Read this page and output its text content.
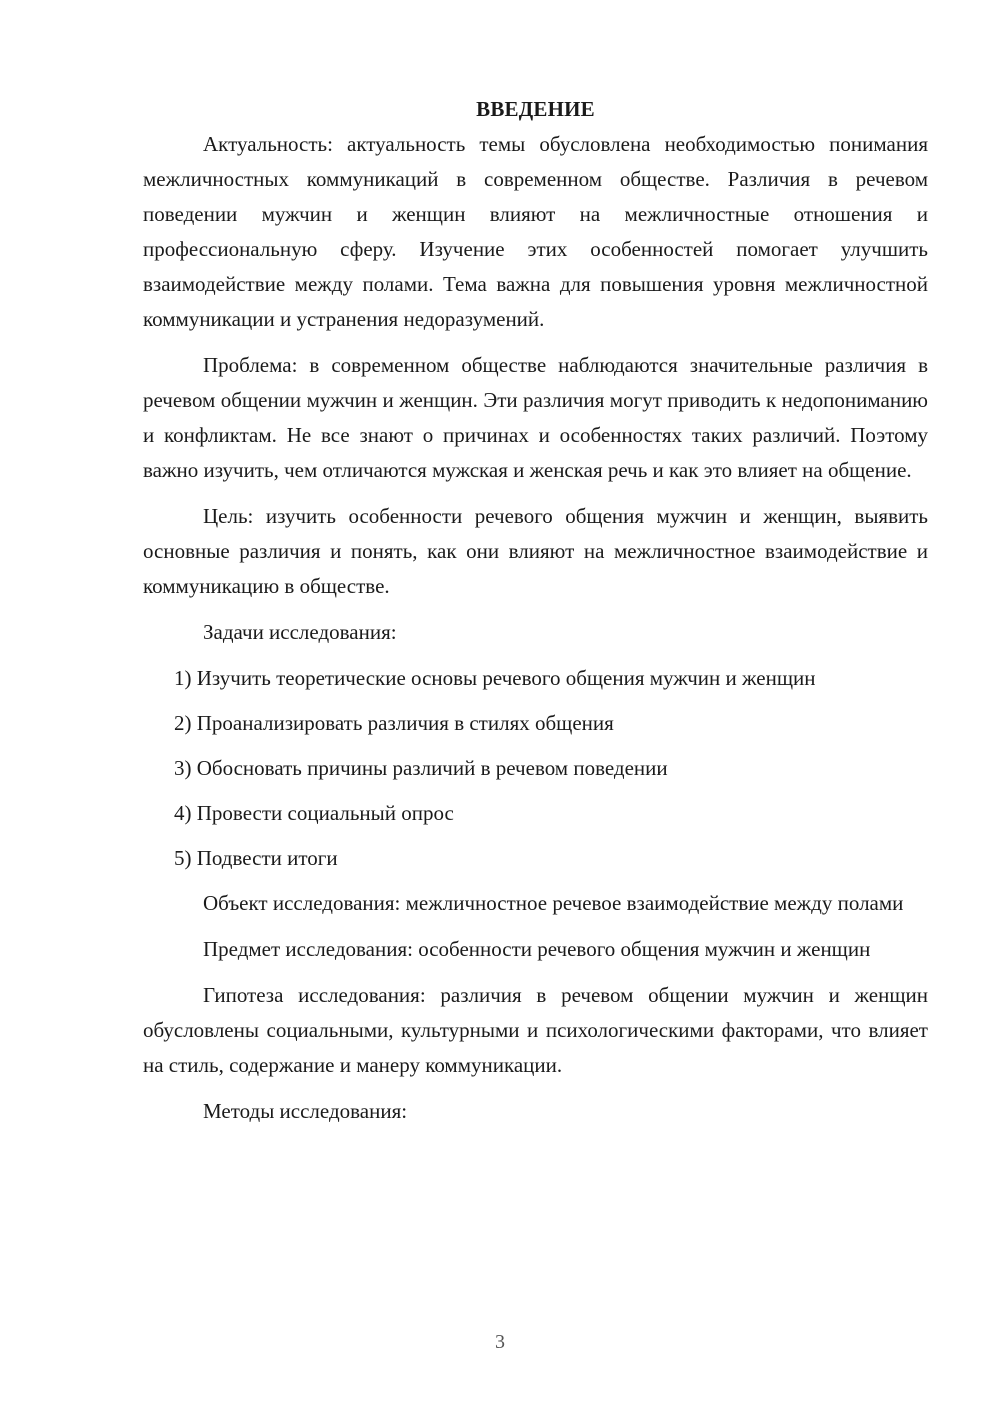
ВВЕДЕНИЕ

Актуальность: актуальность темы обусловлена необходимостью понимания межличностных коммуникаций в современном обществе. Различия в речевом поведении мужчин и женщин влияют на межличностные отношения и профессиональную сферу. Изучение этих особенностей помогает улучшить взаимодействие между полами. Тема важна для повышения уровня межличностной коммуникации и устранения недоразумений.

Проблема: в современном обществе наблюдаются значительные различия в речевом общении мужчин и женщин. Эти различия могут приводить к недопониманию и конфликтам. Не все знают о причинах и особенностях таких различий. Поэтому важно изучить, чем отличаются мужская и женская речь и как это влияет на общение.

Цель: изучить особенности речевого общения мужчин и женщин, выявить основные различия и понять, как они влияют на межличностное взаимодействие и коммуникацию в обществе.

Задачи исследования:

1) Изучить теоретические основы речевого общения мужчин и женщин
2) Проанализировать различия в стилях общения
3) Обосновать причины различий в речевом поведении
4) Провести социальный опрос
5) Подвести итоги

Объект исследования: межличностное речевое взаимодействие между полами

Предмет исследования: особенности речевого общения мужчин и женщин

Гипотеза исследования: различия в речевом общении мужчин и женщин обусловлены социальными, культурными и психологическими факторами, что влияет на стиль, содержание и манеру коммуникации.

Методы исследования:

3
